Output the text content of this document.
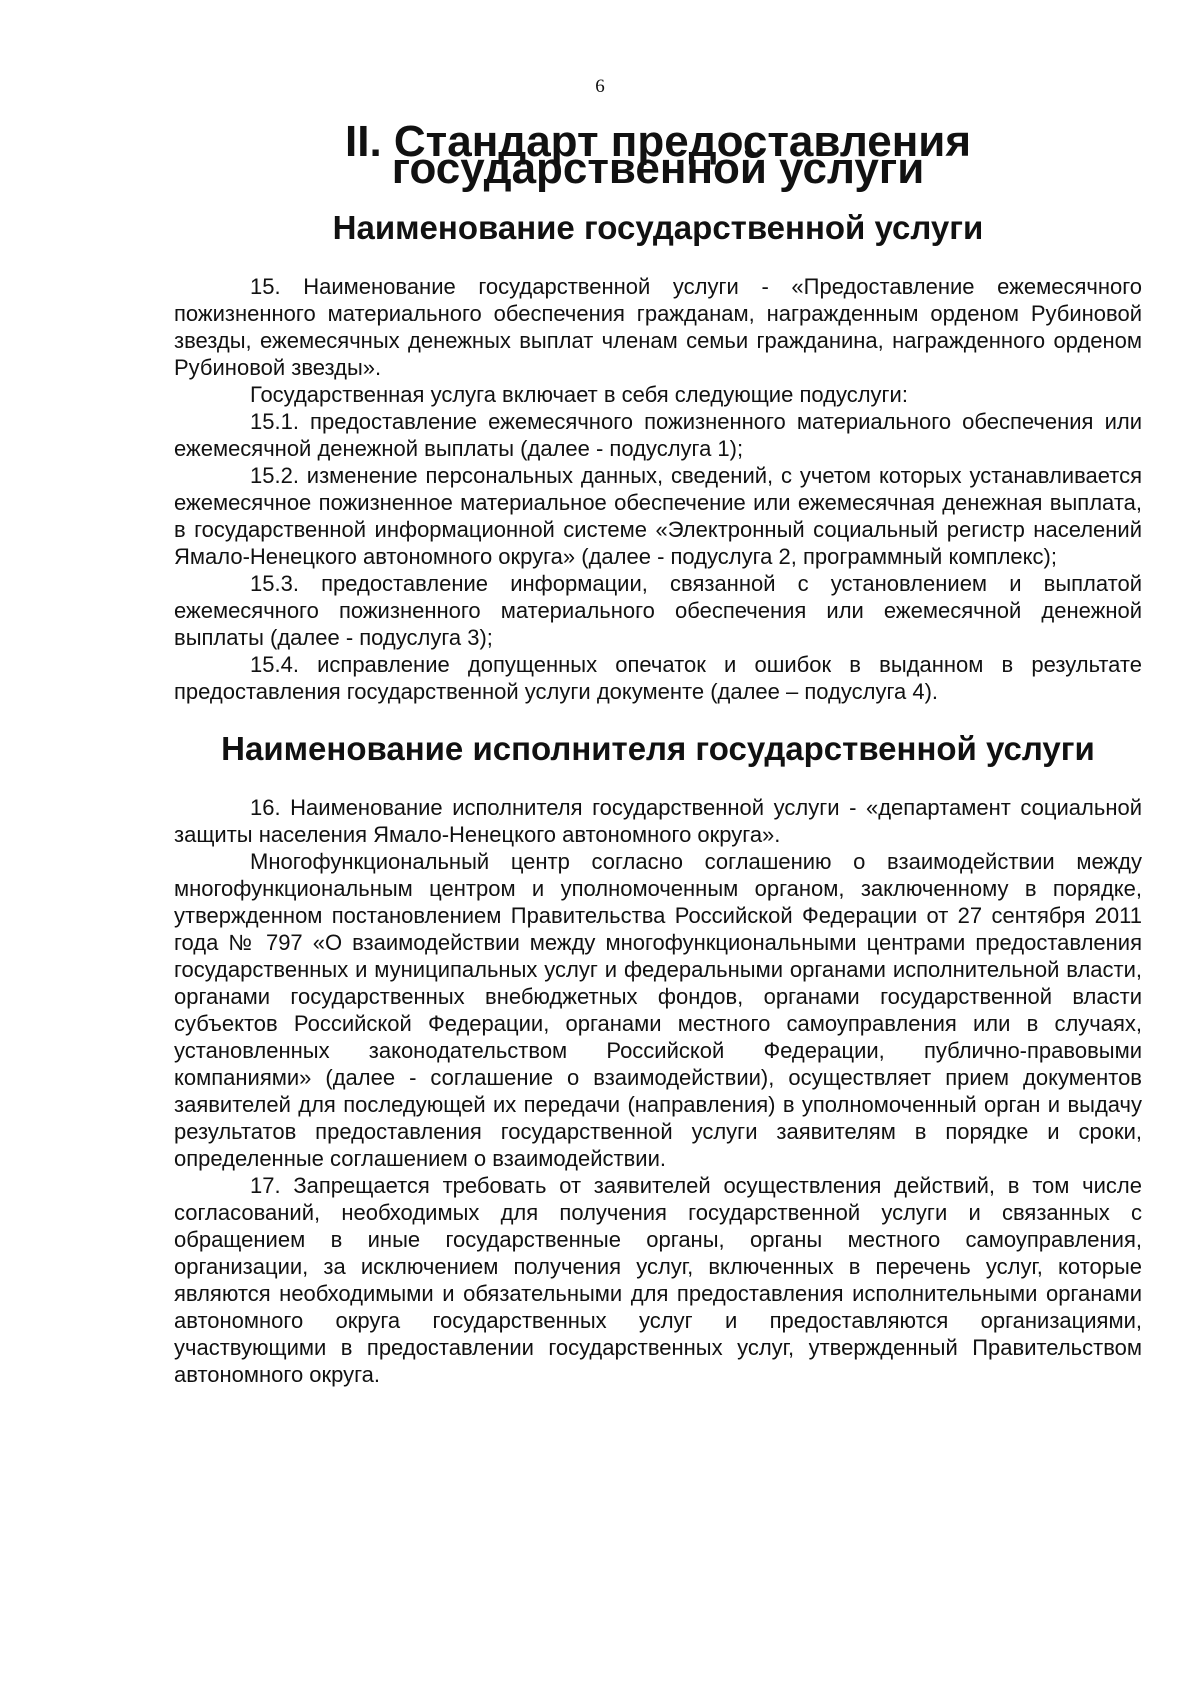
6
II. Стандарт предоставления государственной услуги
Наименование государственной услуги

15. Наименование государственной услуги - «Предоставление ежемесячного пожизненного материального обеспечения гражданам, награжденным орденом Рубиновой звезды, ежемесячных денежных выплат членам семьи гражданина, награжденного орденом Рубиновой звезды».

Государственная услуга включает в себя следующие подуслуги:

15.1. предоставление ежемесячного пожизненного материального обеспечения или ежемесячной денежной выплаты (далее - подуслуга 1);

15.2. изменение персональных данных, сведений, с учетом которых устанавливается ежемесячное пожизненное материальное обеспечение или ежемесячная денежная выплата, в государственной информационной системе «Электронный социальный регистр населений Ямало-Ненецкого автономного округа» (далее - подуслуга 2, программный комплекс);

15.3. предоставление информации, связанной с установлением и выплатой ежемесячного пожизненного материального обеспечения или ежемесячной денежной выплаты (далее - подуслуга 3);

15.4. исправление допущенных опечаток и ошибок в выданном в результате предоставления государственной услуги документе (далее – подуслуга 4).

Наименование исполнителя государственной услуги

16. Наименование исполнителя государственной услуги - «департамент социальной защиты населения Ямало-Ненецкого автономного округа».

Многофункциональный центр согласно соглашению о взаимодействии между многофункциональным центром и уполномоченным органом, заключенному в порядке, утвержденном постановлением Правительства Российской Федерации от 27 сентября 2011 года № 797 «О взаимодействии между многофункциональными центрами предоставления государственных и муниципальных услуг и федеральными органами исполнительной власти, органами государственных внебюджетных фондов, органами государственной власти субъектов Российской Федерации, органами местного самоуправления или в случаях, установленных законодательством Российской Федерации, публично-правовыми компаниями» (далее - соглашение о взаимодействии), осуществляет прием документов заявителей для последующей их передачи (направления) в уполномоченный орган и выдачу результатов предоставления государственной услуги заявителям в порядке и сроки, определенные соглашением о взаимодействии.

17. Запрещается требовать от заявителей осуществления действий, в том числе согласований, необходимых для получения государственной услуги и связанных с обращением в иные государственные органы, органы местного самоуправления, организации, за исключением получения услуг, включенных в перечень услуг, которые являются необходимыми и обязательными для предоставления исполнительными органами автономного округа государственных услуг и предоставляются организациями, участвующими в предоставлении государственных услуг, утвержденный Правительством автономного округа.
